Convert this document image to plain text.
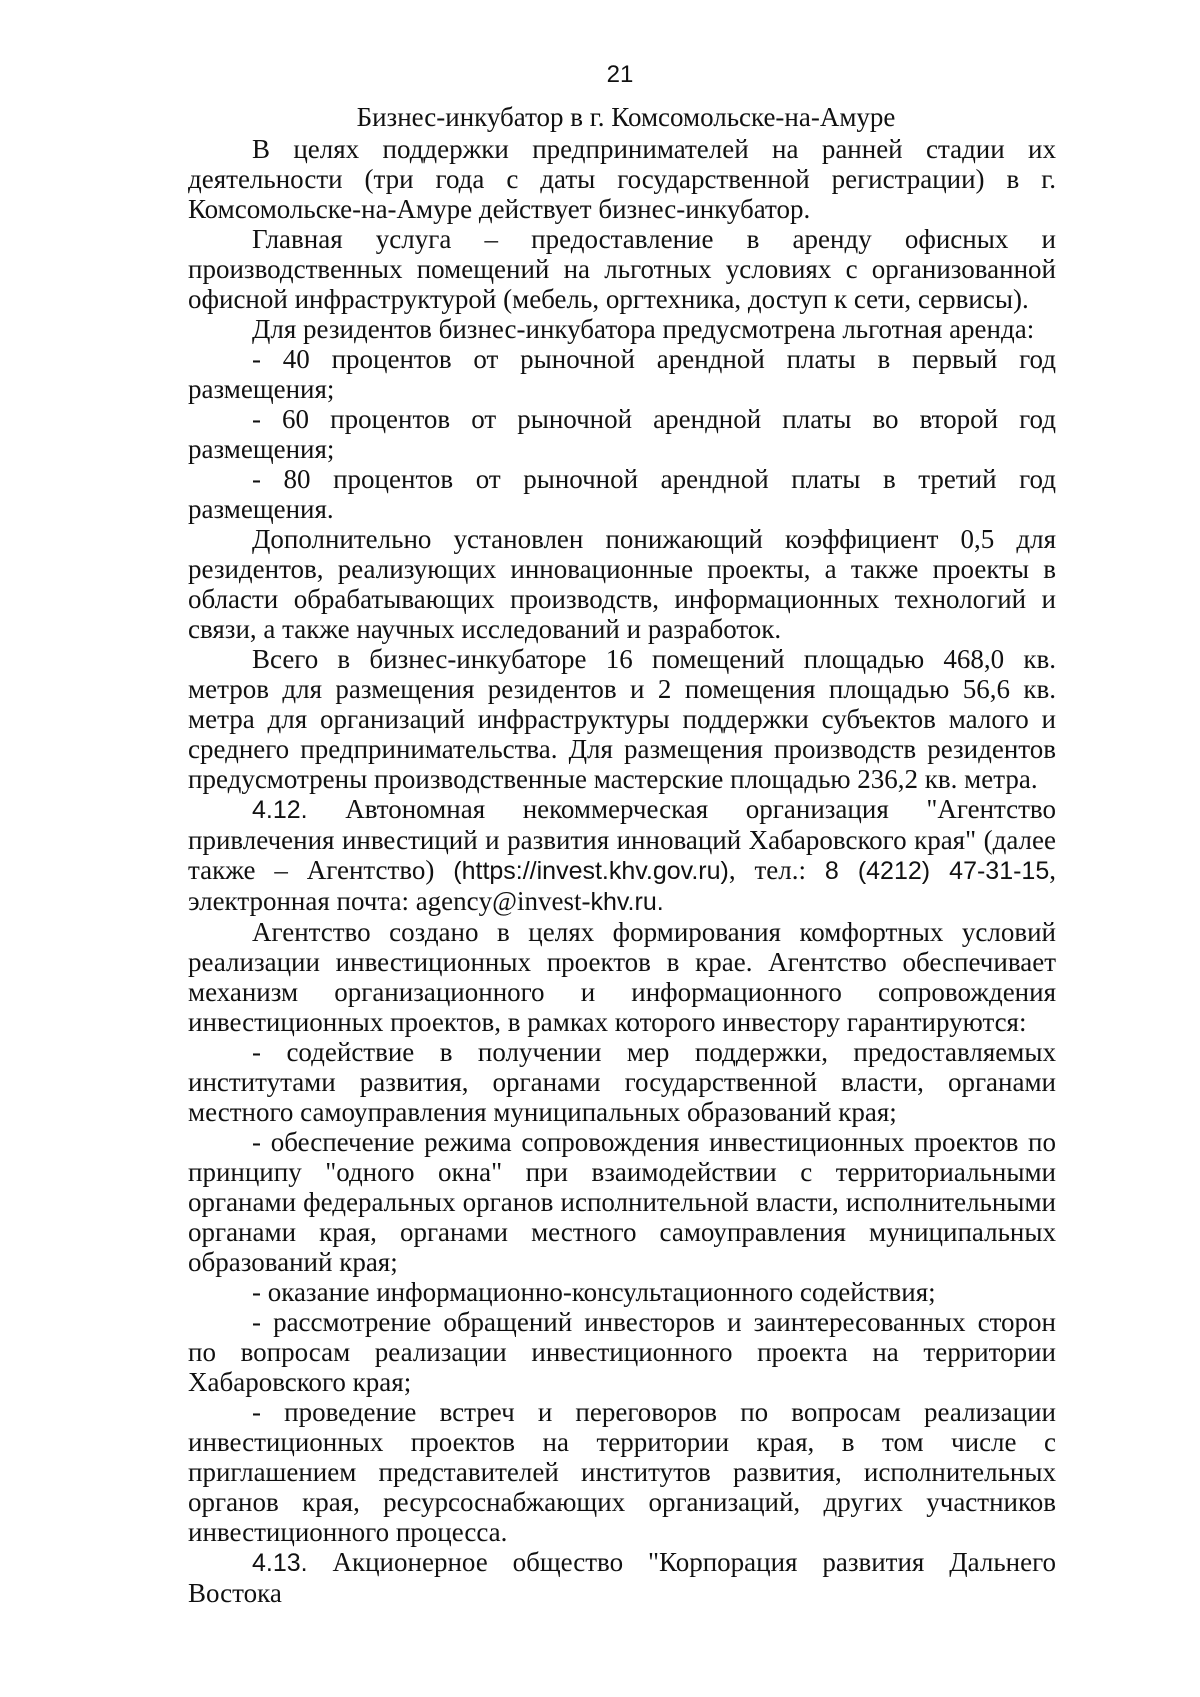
21
Бизнес-инкубатор в г. Комсомольске-на-Амуре

В целях поддержки предпринимателей на ранней стадии их деятельности (три года с даты государственной регистрации) в г. Комсомольске-на-Амуре действует бизнес-инкубатор.

Главная услуга – предоставление в аренду офисных и производственных помещений на льготных условиях с организованной офисной инфраструктурой (мебель, оргтехника, доступ к сети, сервисы).

Для резидентов бизнес-инкубатора предусмотрена льготная аренда:

- 40 процентов от рыночной арендной платы в первый год размещения;

- 60 процентов от рыночной арендной платы во второй год размещения;

- 80 процентов от рыночной арендной платы в третий год размещения.

Дополнительно установлен понижающий коэффициент 0,5 для резидентов, реализующих инновационные проекты, а также проекты в области обрабатывающих производств, информационных технологий и связи, а также научных исследований и разработок.

Всего в бизнес-инкубаторе 16 помещений площадью 468,0 кв. метров для размещения резидентов и 2 помещения площадью 56,6 кв. метра для организаций инфраструктуры поддержки субъектов малого и среднего предпринимательства. Для размещения производств резидентов предусмотрены производственные мастерские площадью 236,2 кв. метра.

4.12. Автономная некоммерческая организация "Агентство привлечения инвестиций и развития инноваций Хабаровского края" (далее также – Агентство) (https://invest.khv.gov.ru), тел.: 8 (4212) 47-31-15, электронная почта: agency@invest-khv.ru.

Агентство создано в целях формирования комфортных условий реализации инвестиционных проектов в крае. Агентство обеспечивает механизм организационного и информационного сопровождения инвестиционных проектов, в рамках которого инвестору гарантируются:

- содействие в получении мер поддержки, предоставляемых институтами развития, органами государственной власти, органами местного самоуправления муниципальных образований края;

- обеспечение режима сопровождения инвестиционных проектов по принципу "одного окна" при взаимодействии с территориальными органами федеральных органов исполнительной власти, исполнительными органами края, органами местного самоуправления муниципальных образований края;

- оказание информационно-консультационного содействия;

- рассмотрение обращений инвесторов и заинтересованных сторон по вопросам реализации инвестиционного проекта на территории Хабаровского края;

- проведение встреч и переговоров по вопросам реализации инвестиционных проектов на территории края, в том числе с приглашением представителей институтов развития, исполнительных органов края, ресурсоснабжающих организаций, других участников инвестиционного процесса.

4.13. Акционерное общество "Корпорация развития Дальнего Востока
